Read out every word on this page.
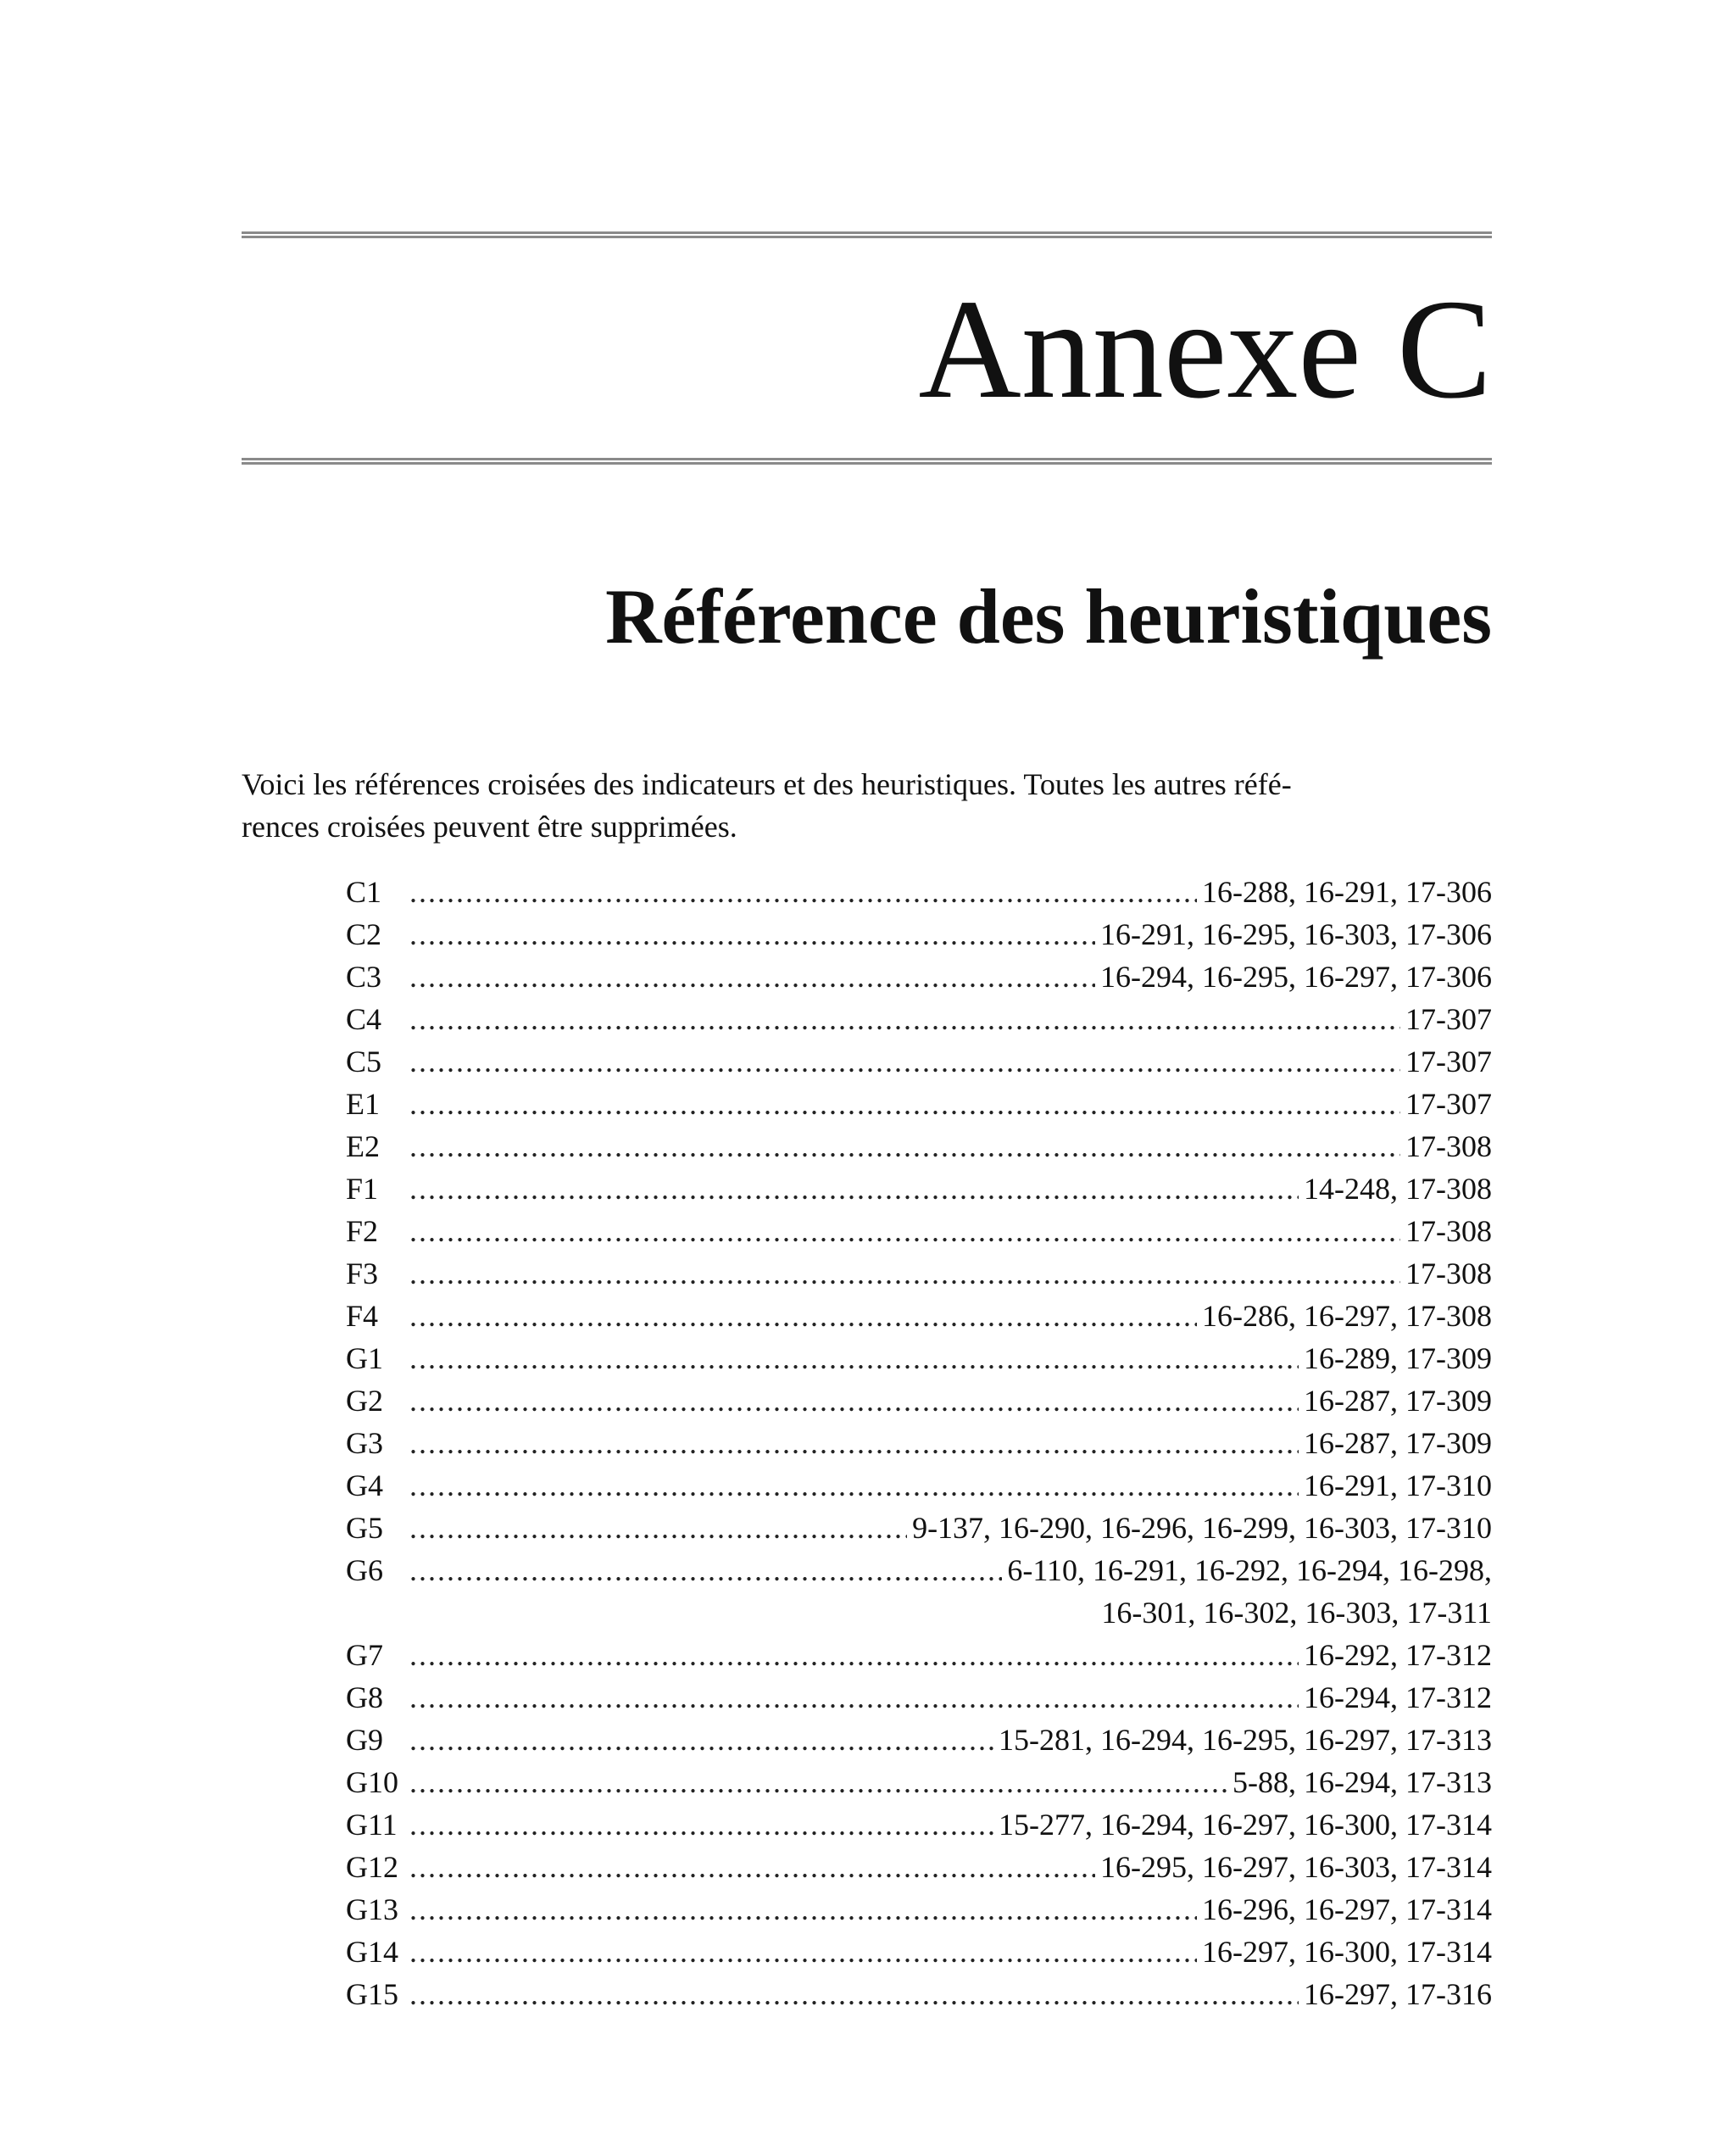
Annexe C
Référence des heuristiques

Voici les références croisées des indicateurs et des heuristiques. Toutes les autres réfé-
rences croisées peuvent être supprimées.

C1 .....	16-288, 16-291, 17-306
C2 .....	16-291, 16-295, 16-303, 17-306
C3 .....	16-294, 16-295, 16-297, 17-306
C4 .....	17-307
C5 .....	17-307
E1 .....	17-307
E2 .....	17-308
F1 .....	14-248, 17-308
F2 .....	17-308
F3 .....	17-308
F4 .....	16-286, 16-297, 17-308
G1 .....	16-289, 17-309
G2 .....	16-287, 17-309
G3 .....	16-287, 17-309
G4 .....	16-291, 17-310
G5 .....	9-137, 16-290, 16-296, 16-299, 16-303, 17-310
G6 .....	6-110, 16-291, 16-292, 16-294, 16-298,
16-301, 16-302, 16-303, 17-311
G7 .....	16-292, 17-312
G8 .....	16-294, 17-312
G9 .....	15-281, 16-294, 16-295, 16-297, 17-313
G10 .....	5-88, 16-294, 17-313
G11 .....	15-277, 16-294, 16-297, 16-300, 17-314
G12 .....	16-295, 16-297, 16-303, 17-314
G13 .....	16-296, 16-297, 17-314
G14 .....	16-297, 16-300, 17-314
G15 .....	16-297, 17-316
